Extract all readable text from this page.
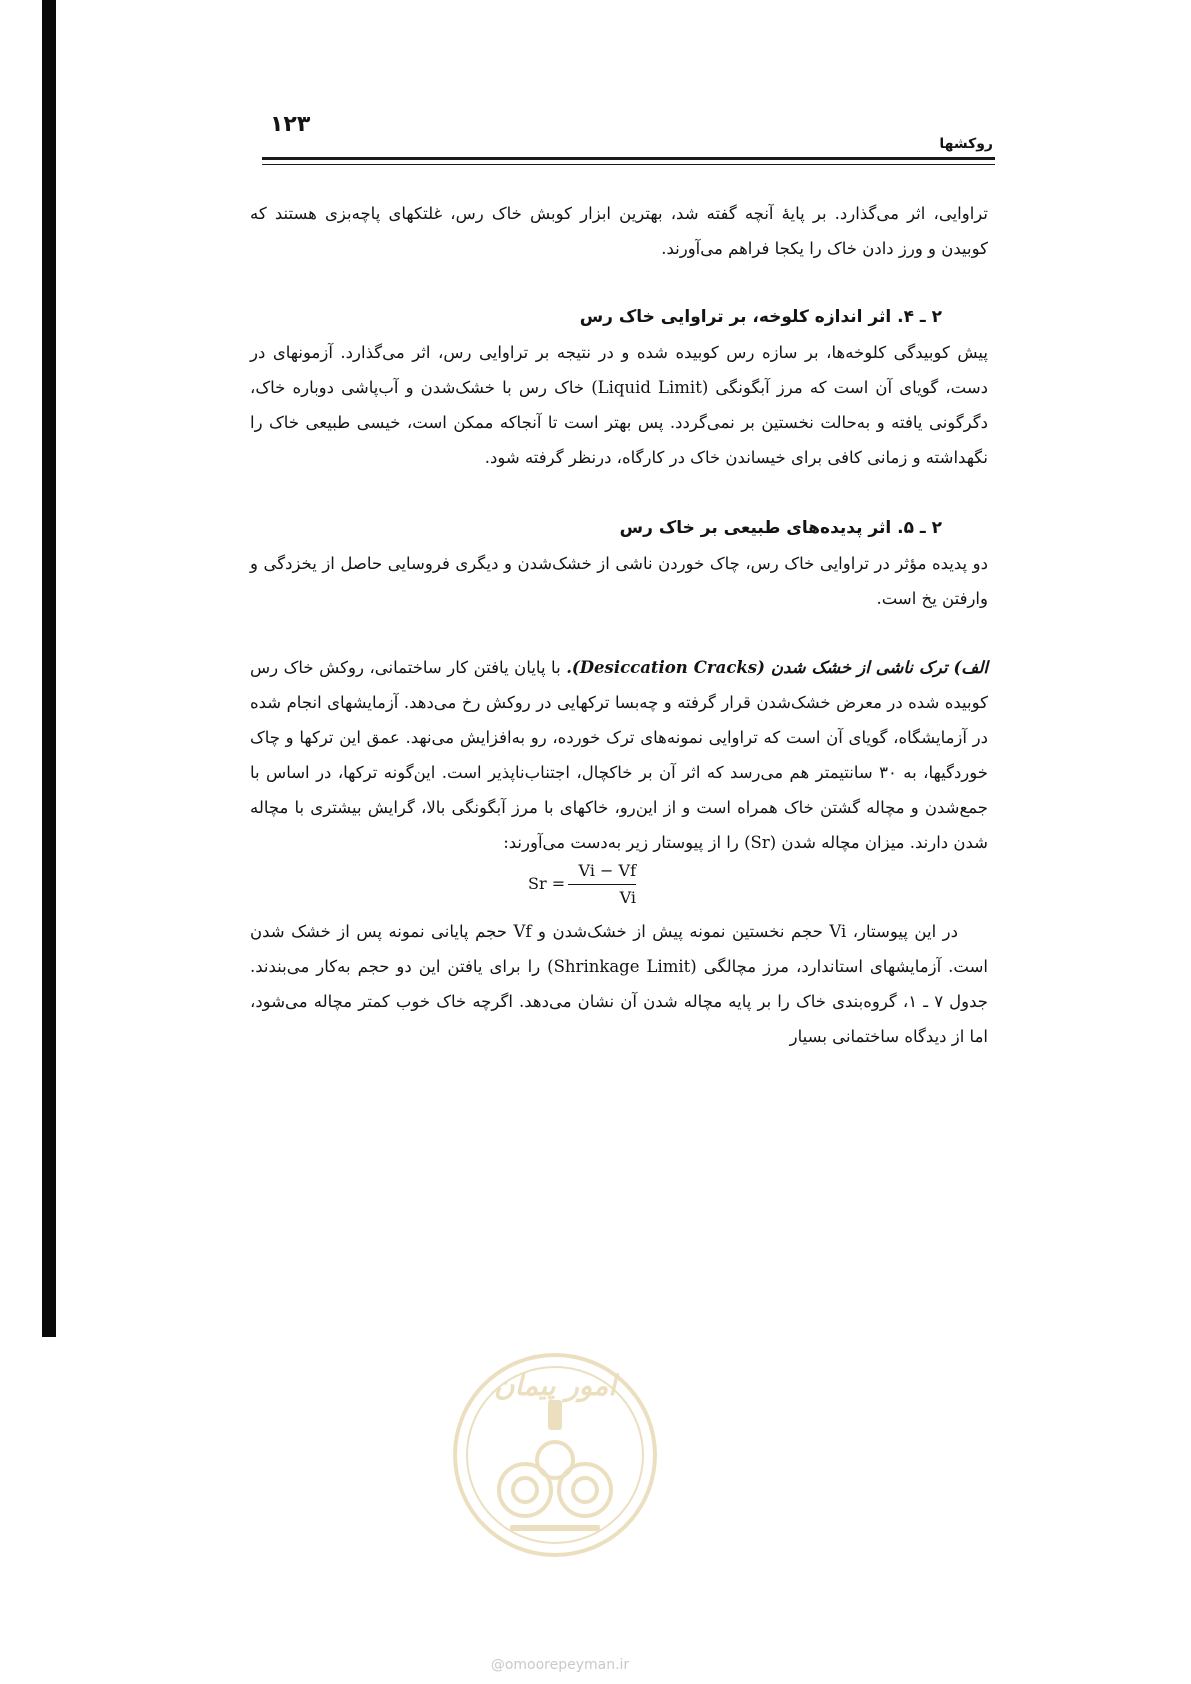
۱۲۳
روکشها

تراوایی، اثر می‌گذارد. بر پایهٔ آنچه گفته شد، بهترین ابزار کوبش خاک رس، غلتکهای پاچه‌بزی هستند که کوبیدن و ورز دادن خاک را یکجا فراهم می‌آورند.

۲ ـ ۴. اثر اندازه کلوخه، بر تراوایی خاک رس

پیش کوبیدگی کلوخه‌ها، بر سازه رس کوبیده شده و در نتیجه بر تراوایی رس، اثر می‌گذارد. آزمونهای در دست، گویای آن است که مرز آبگونگی (Liquid Limit) خاک رس با خشک‌شدن و آب‌پاشی دوباره خاک، دگرگونی یافته و به‌حالت نخستین بر نمی‌گردد. پس بهتر است تا آنجاکه ممکن است، خیسی طبیعی خاک را نگهداشته و زمانی کافی برای خیساندن خاک در کارگاه، درنظر گرفته شود.

۲ ـ ۵. اثر پدیده‌های طبیعی بر خاک رس

دو پدیده مؤثر در تراوایی خاک رس، چاک خوردن ناشی از خشک‌شدن و دیگری فروسایی حاصل از یخزدگی و وارفتن یخ است.

الف) ترک ناشی از خشک شدن (Desiccation Cracks). با پایان یافتن کار ساختمانی، روکش خاک رس کوبیده شده در معرض خشک‌شدن قرار گرفته و چه‌بسا ترکهایی در روکش رخ می‌دهد. آزمایشهای انجام شده در آزمایشگاه، گویای آن است که تراوایی نمونه‌های ترک خورده، رو به‌افزایش می‌نهد. عمق این ترکها و چاک خوردگیها، به ۳۰ سانتیمتر هم می‌رسد که اثر آن بر خاکچال، اجتناب‌ناپذیر است. این‌گونه ترکها، در اساس با جمع‌شدن و مچاله گشتن خاک همراه است و از این‌رو، خاکهای با مرز آبگونگی بالا، گرایش بیشتری با مچاله شدن دارند. میزان مچاله شدن (Sr) را از پیوستار زیر به‌دست می‌آورند:

Sr =
Vi − Vf
Vi

در این پیوستار، Vi حجم نخستین نمونه پیش از خشک‌شدن و Vf حجم پایانی نمونه پس از خشک شدن است. آزمایشهای استاندارد، مرز مچالگی (Shrinkage Limit) را برای یافتن این دو حجم به‌کار می‌بندند. جدول ۷ ـ ۱، گروه‌بندی خاک را بر پایه مچاله شدن آن نشان می‌دهد. اگرچه خاک خوب کمتر مچاله می‌شود، اما از دیدگاه ساختمانی بسیار

امور پیمان
@omoorepeyman.ir
